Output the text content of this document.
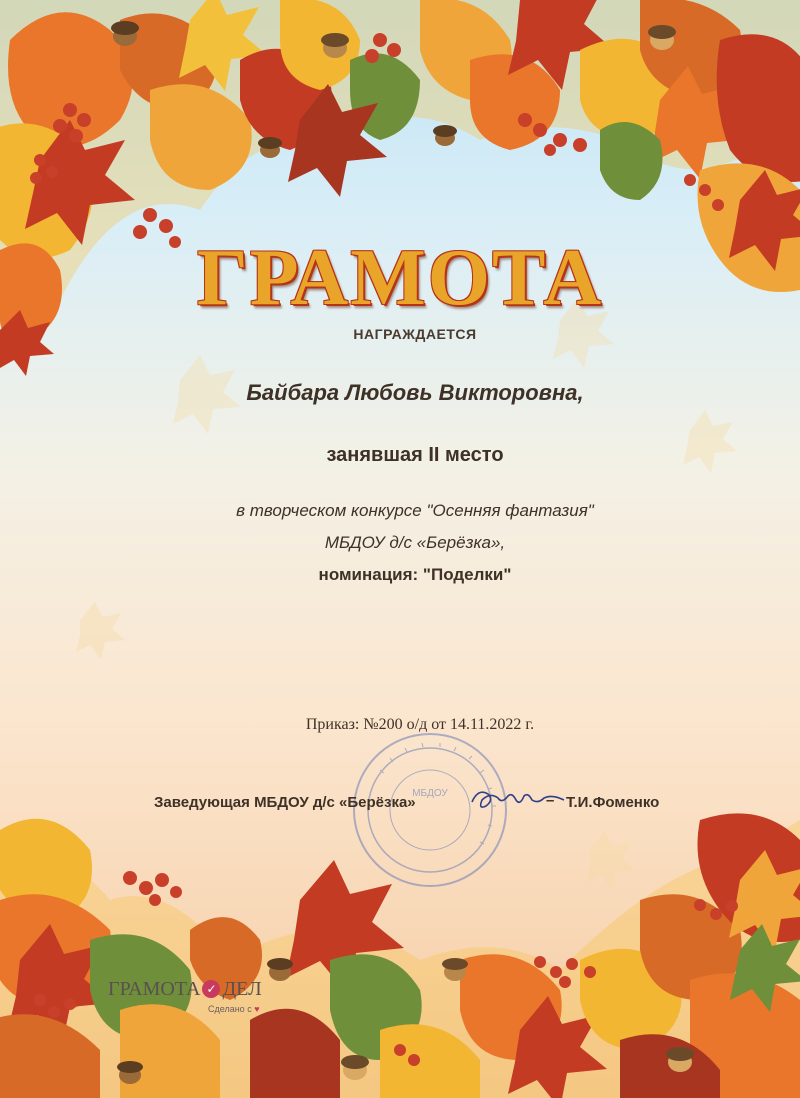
ГРАМОТА
НАГРАЖДАЕТСЯ
Байбара Любовь Викторовна,
занявшая II место
в творческом конкурсе "Осенняя фантазия"
МБДОУ д/с «Берёзка»,
номинация: "Поделки"
Приказ: №200 о/д от 14.11.2022 г.
МБДОУ
Заведующая МБДОУ д/с «Берёзка»	– Т.И.Фоменко
ГРАМОТА ✓ ДЕЛ
Сделано с ♥
